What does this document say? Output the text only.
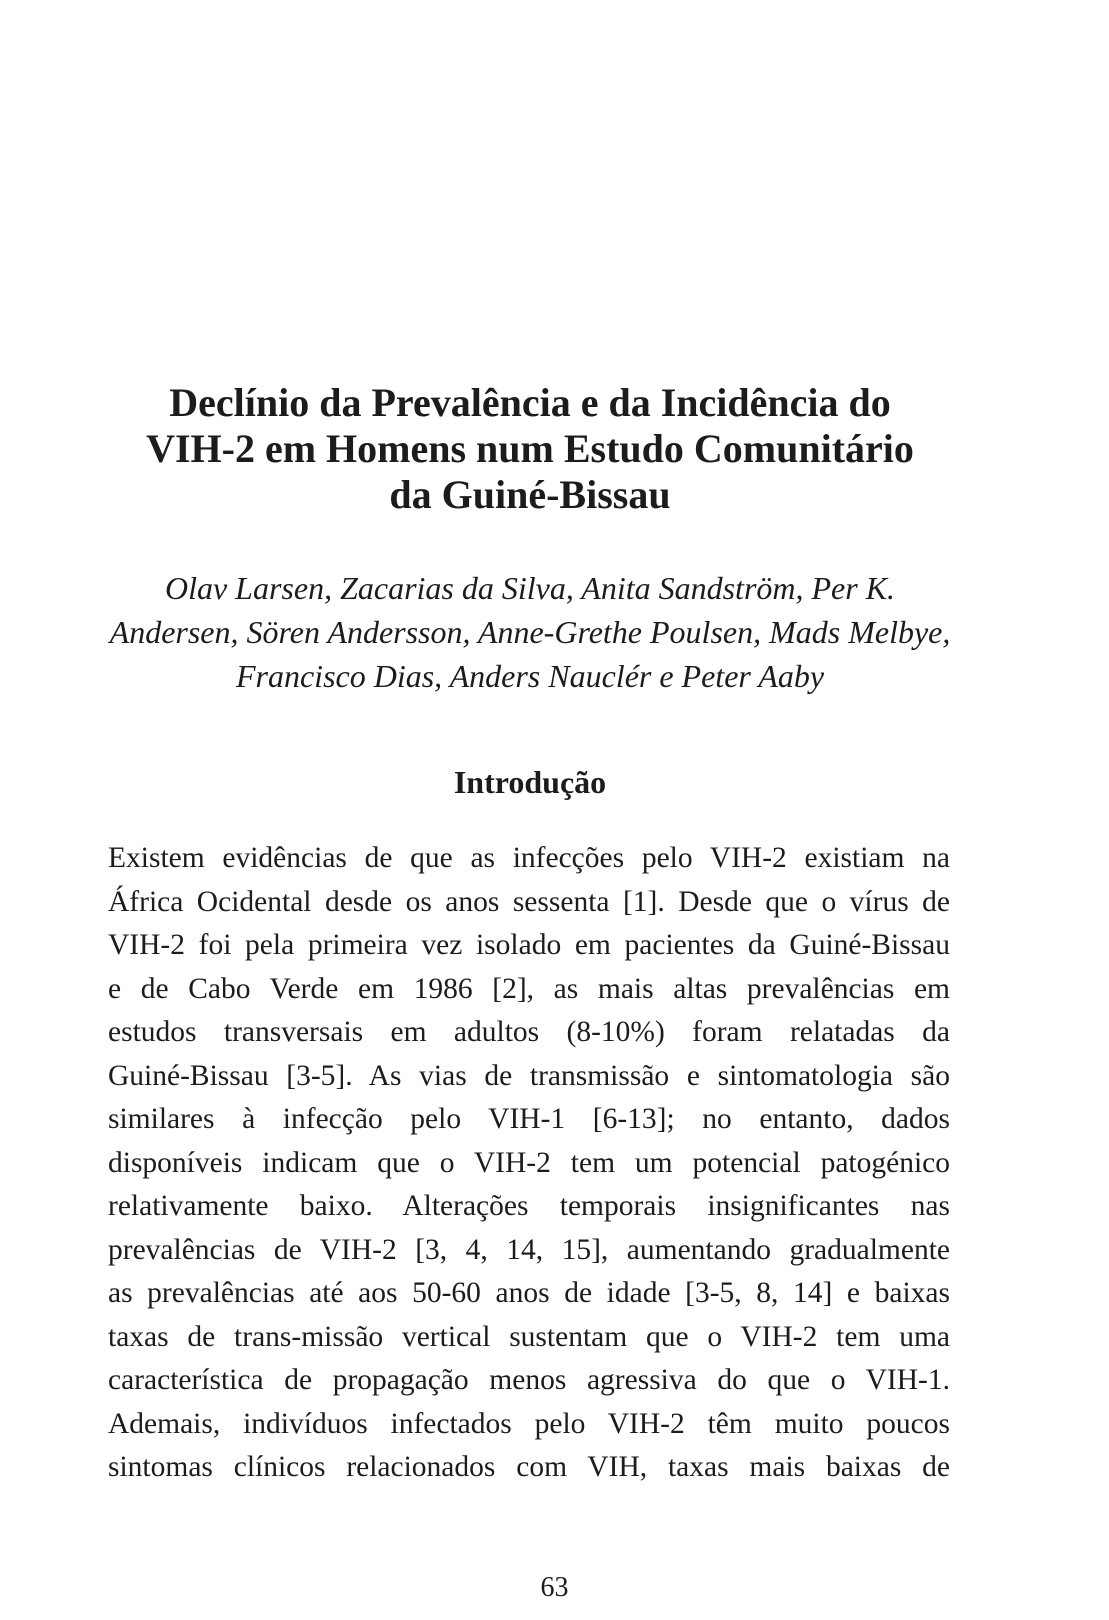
Declínio da Prevalência e da Incidência do
VIH-2 em Homens num Estudo Comunitário
da Guiné-Bissau
Olav Larsen, Zacarias da Silva, Anita Sandström, Per K.
Andersen, Sören Andersson, Anne-Grethe Poulsen, Mads Melbye,
Francisco Dias, Anders Nauclér e Peter Aaby
Introdução
Existem evidências de que as infecções pelo VIH-2 existiam na
África Ocidental desde os anos sessenta [1]. Desde que o vírus de
VIH-2 foi pela primeira vez isolado em pacientes da Guiné-Bissau
e de Cabo Verde em 1986 [2], as mais altas prevalências em
estudos transversais em adultos (8-10%) foram relatadas da
Guiné-Bissau [3-5]. As vias de transmissão e sintomatologia são
similares à infecção pelo VIH-1 [6-13]; no entanto, dados
disponíveis indicam que o VIH-2 tem um potencial patogénico
relativamente baixo. Alterações temporais insignificantes nas
prevalências de VIH-2 [3, 4, 14, 15], aumentando gradualmente
as prevalências até aos 50-60 anos de idade [3-5, 8, 14] e baixas
taxas de trans-missão vertical sustentam que o VIH-2 tem uma
característica de propagação menos agressiva do que o VIH-1.
Ademais, indivíduos infectados pelo VIH-2 têm muito poucos
sintomas clínicos relacionados com VIH, taxas mais baixas de
63
